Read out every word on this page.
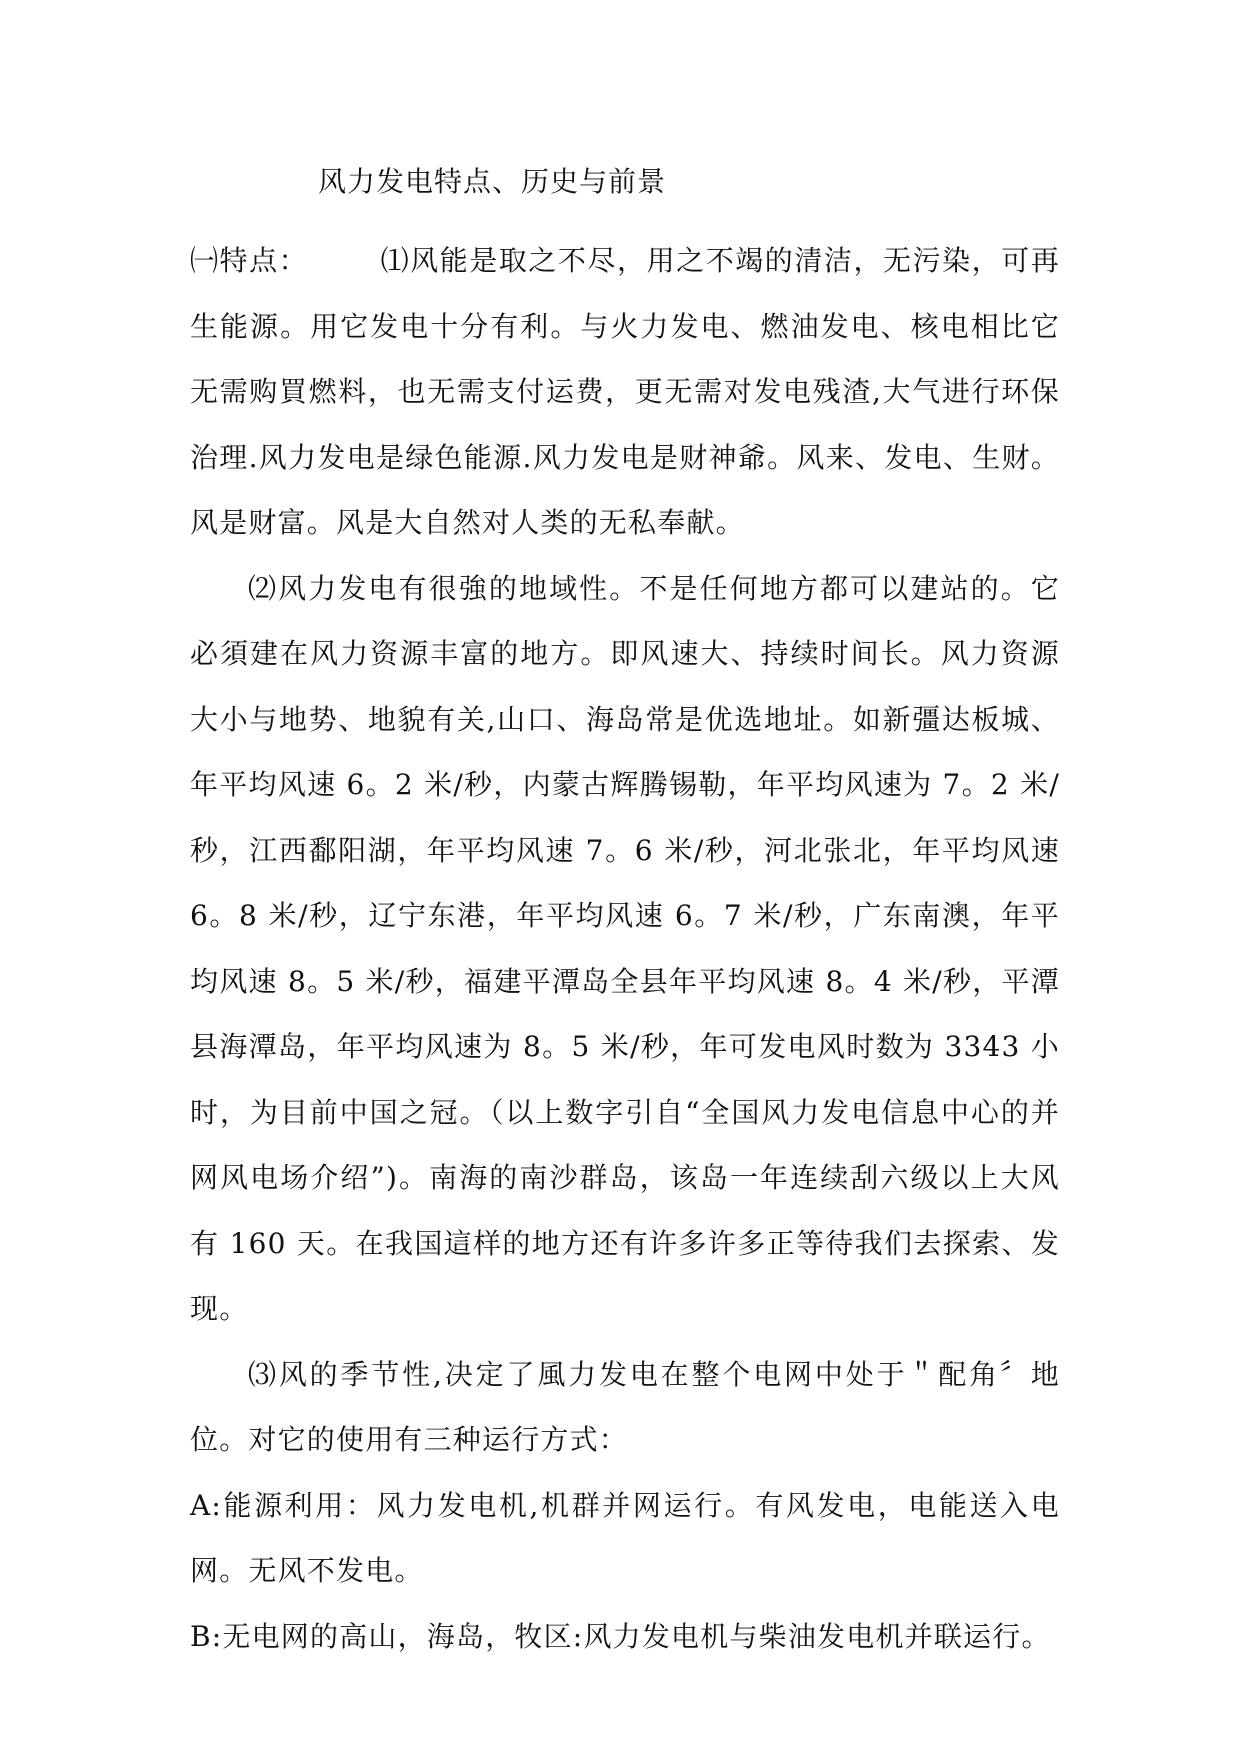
风力发电特点、历史与前景

㈠特点：	⑴风能是取之不尽，用之不竭的清洁，无污染，可再生能源。用它发电十分有利。与火力发电、燃油发电、核电相比它无需购買燃料，也无需支付运费，更无需对发电残渣,大气进行环保治理.风力发电是绿色能源.风力发电是财神爺。风来、发电、生财。风是财富。风是大自然对人类的无私奉献。

⑵风力发电有很強的地域性。不是任何地方都可以建站的。它必須建在风力资源丰富的地方。即风速大、持续时间长。风力资源大小与地势、地貌有关,山口、海岛常是优选地址。如新彊达板城、年平均风速 6。2 米/秒，内蒙古辉腾锡勒，年平均风速为 7。2 米/秒，江西鄱阳湖，年平均风速 7。6 米/秒，河北张北，年平均风速 6。8 米/秒，辽宁东港，年平均风速 6。7 米/秒，广东南澳，年平均风速 8。5 米/秒，福建平潭岛全县年平均风速 8。4 米/秒，平潭县海潭岛，年平均风速为 8。5 米/秒，年可发电风时数为 3343 小时，为目前中国之冠。（以上数字引自“全国风力发电信息中心的并网风电场介绍”)。南海的南沙群岛，该岛一年连续刮六级以上大风有 160 天。在我国這样的地方还有许多许多正等待我们去探索、发现。

⑶风的季节性,决定了風力发电在整个电网中处于＂配角〞地位。对它的使用有三种运行方式：

A:能源利用：风力发电机,机群并网运行。有风发电，电能送入电网。无风不发电。

B:无电网的高山，海岛，牧区:风力发电机与柴油发电机并联运行。
